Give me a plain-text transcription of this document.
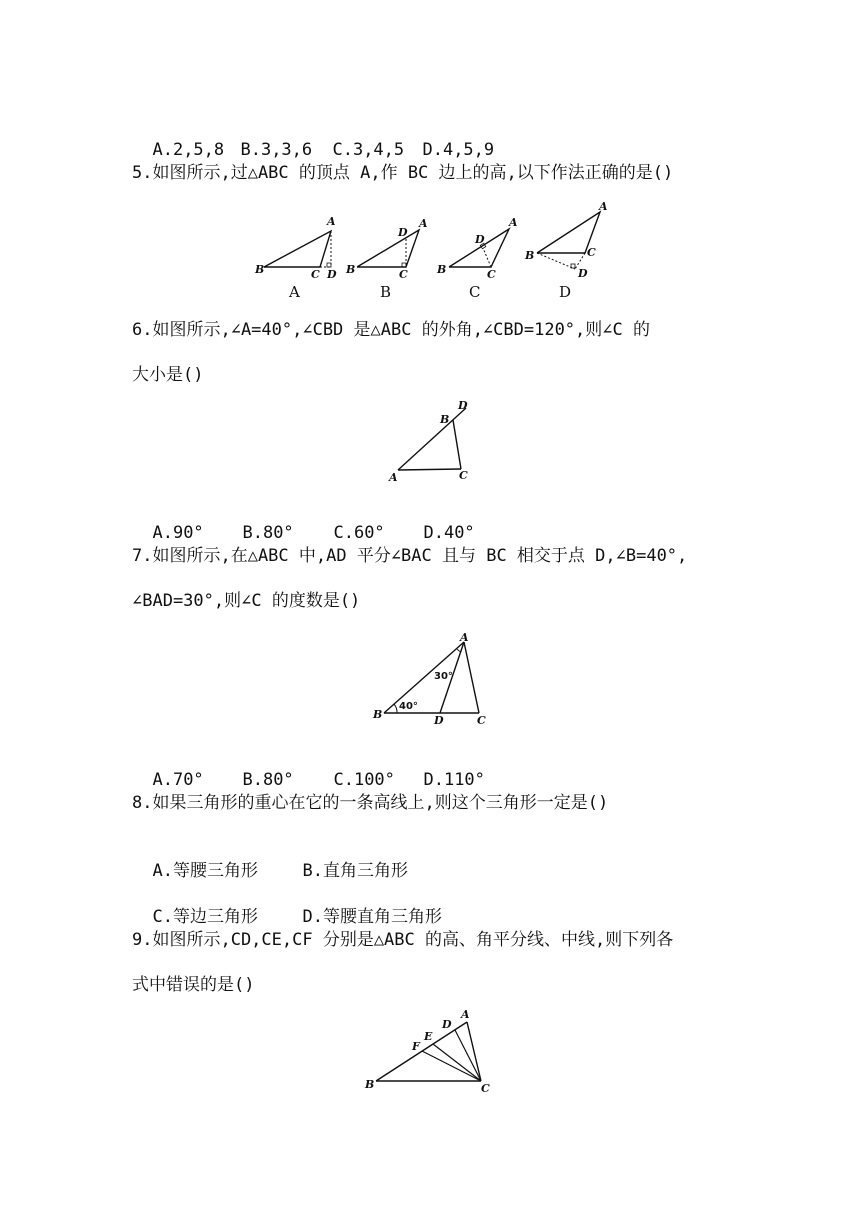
A.2,5,8 B.3,3,6 C.3,4,5 D.4,5,9

5.如图所示,过△ABC 的顶点 A,作 BC 边上的高,以下作法正确的是()
B
A
C D
A
B
D
A
C
B
B
D
A
C
C
B
A
C
D
D
6.如图所示,∠A=40°,∠CBD 是△ABC 的外角,∠CBD=120°,则∠C 的
大小是()
D
B
A	C

A.90° B.80° C.60° D.40°

7.如图所示,在△ABC 中,AD 平分∠BAC 且与 BC 相交于点 D,∠B=40°,
∠BAD=30°,则∠C 的度数是()
A
B	D	C
30°
40°

A.70° B.80° C.100° D.110°

8.如果三角形的重心在它的一条高线上,则这个三角形一定是()

A.等腰三角形	B.直角三角形

C.等边三角形	D.等腰直角三角形

9.如图所示,CD,CE,CF 分别是△ABC 的高、角平分线、中线,则下列各
式中错误的是()
A
D
E
F
B	C
